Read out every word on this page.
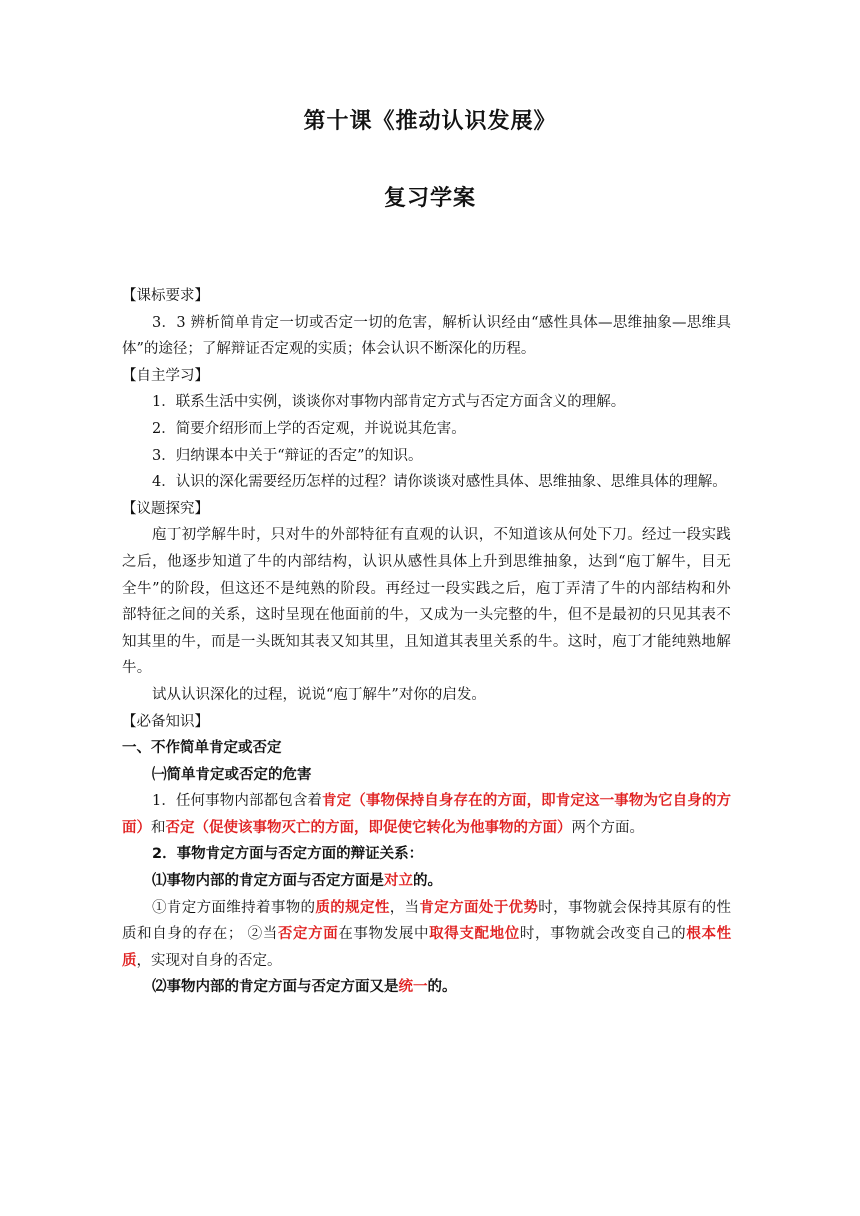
第十课《推动认识发展》
复习学案

【课标要求】

3．3 辨析简单肯定一切或否定一切的危害，解析认识经由“感性具体—思维抽象—思维具体”的途径；了解辩证否定观的实质；体会认识不断深化的历程。

【自主学习】

1．联系生活中实例，谈谈你对事物内部肯定方式与否定方面含义的理解。

2．简要介绍形而上学的否定观，并说说其危害。

3．归纳课本中关于“辩证的否定”的知识。

4．认识的深化需要经历怎样的过程？请你谈谈对感性具体、思维抽象、思维具体的理解。

【议题探究】

庖丁初学解牛时，只对牛的外部特征有直观的认识，不知道该从何处下刀。经过一段实践之后，他逐步知道了牛的内部结构，认识从感性具体上升到思维抽象，达到“庖丁解牛，目无全牛”的阶段，但这还不是纯熟的阶段。再经过一段实践之后，庖丁弄清了牛的内部结构和外部特征之间的关系，这时呈现在他面前的牛，又成为一头完整的牛，但不是最初的只见其表不知其里的牛，而是一头既知其表又知其里，且知道其表里关系的牛。这时，庖丁才能纯熟地解牛。

试从认识深化的过程，说说“庖丁解牛”对你的启发。

【必备知识】

一、不作简单肯定或否定

㈠简单肯定或否定的危害

1．任何事物内部都包含着肯定（事物保持自身存在的方面，即肯定这一事物为它自身的方面）和否定（促使该事物灭亡的方面，即促使它转化为他事物的方面）两个方面。

2．事物肯定方面与否定方面的辩证关系：

⑴事物内部的肯定方面与否定方面是对立的。

①肯定方面维持着事物的质的规定性，当肯定方面处于优势时，事物就会保持其原有的性质和自身的存在； ②当否定方面在事物发展中取得支配地位时，事物就会改变自己的根本性质，实现对自身的否定。

⑵事物内部的肯定方面与否定方面又是统一的。
